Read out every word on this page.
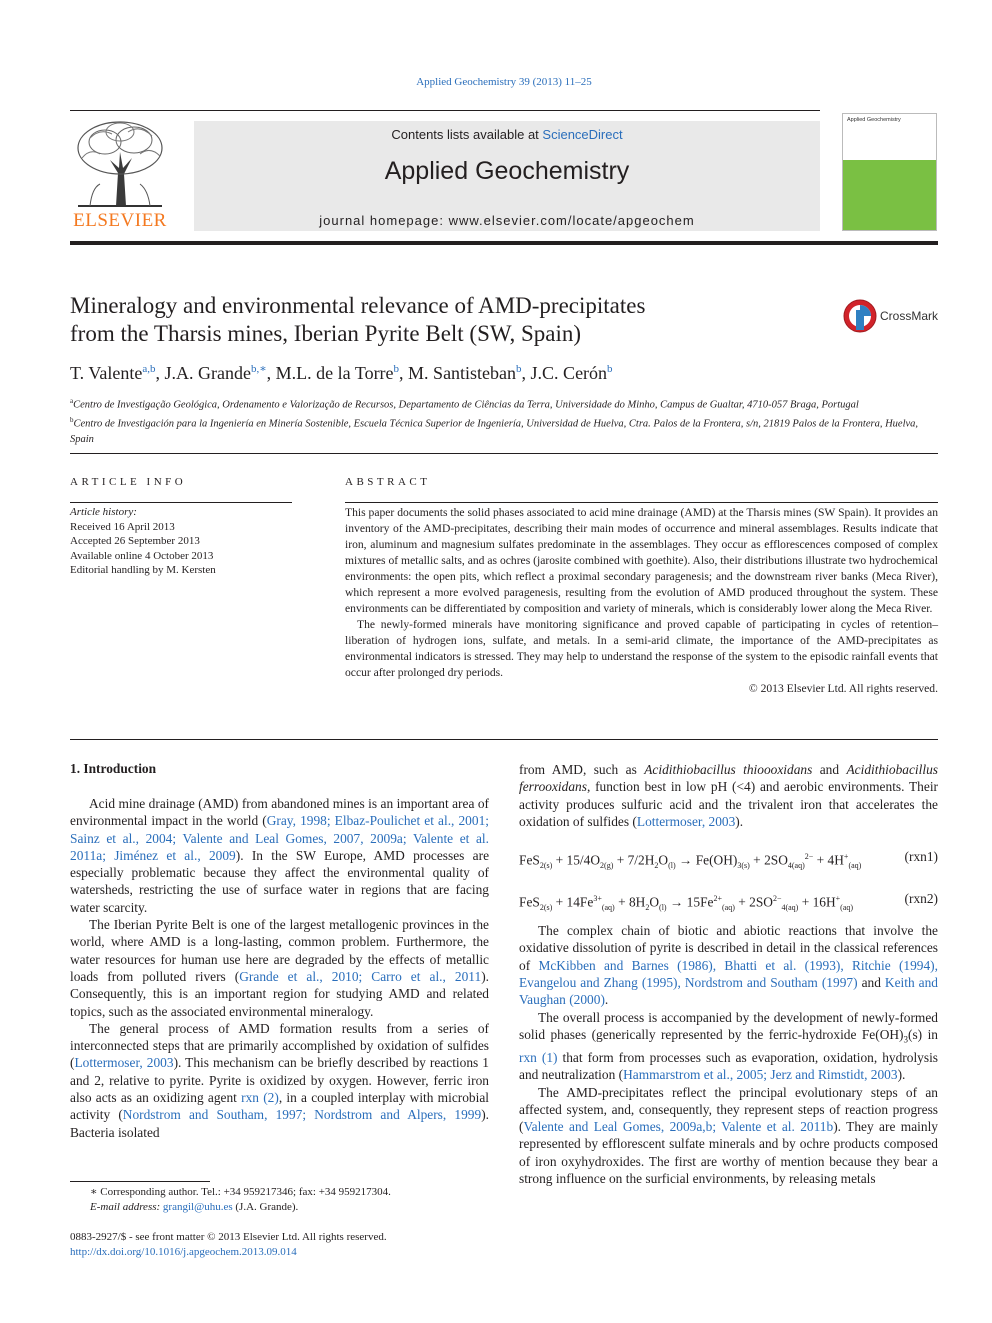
Applied Geochemistry 39 (2013) 11–25
ELSEVIER
Contents lists available at ScienceDirect
Applied Geochemistry
journal homepage: www.elsevier.com/locate/apgeochem
Applied Geochemistry
Mineralogy and environmental relevance of AMD-precipitates
from the Tharsis mines, Iberian Pyrite Belt (SW, Spain)
CrossMark
T. Valente$^{a,b}$, J.A. Grande$^{b,∗}$, M.L. de la Torre$^b$, M. Santisteban$^b$, J.C. Cerón$^b$
$^a$Centro de Investigação Geológica, Ordenamento e Valorização de Recursos, Departamento de Ciências da Terra, Universidade do Minho, Campus de Gualtar, 4710-057 Braga, Portugal
$^b$Centro de Investigación para la Ingeniería en Minería Sostenible, Escuela Técnica Superior de Ingeniería, Universidad de Huelva, Ctra. Palos de la Frontera, s/n, 21819 Palos de la Frontera, Huelva, Spain
ARTICLE INFO
Article history:
Received 16 April 2013
Accepted 26 September 2013
Available online 4 October 2013
Editorial handling by M. Kersten
ABSTRACT

This paper documents the solid phases associated to acid mine drainage (AMD) at the Tharsis mines (SW Spain). It provides an inventory of the AMD-precipitates, describing their main modes of occurrence and mineral assemblages. Results indicate that iron, aluminum and magnesium sulfates predominate in the assemblages. They occur as efflorescences composed of complex mixtures of metallic salts, and as ochres (jarosite combined with goethite). Also, their distributions illustrate two hydrochemical environments: the open pits, which reflect a proximal secondary paragenesis; and the downstream river banks (Meca River), which represent a more evolved paragenesis, resulting from the evolution of AMD produced throughout the system. These environments can be differentiated by composition and variety of minerals, which is considerably lower along the Meca River.

The newly-formed minerals have monitoring significance and proved capable of participating in cycles of retention–liberation of hydrogen ions, sulfate, and metals. In a semi-arid climate, the importance of the AMD-precipitates as environmental indicators is stressed. They may help to understand the response of the system to the episodic rainfall events that occur after prolonged dry periods.

© 2013 Elsevier Ltd. All rights reserved.

1. Introduction

Acid mine drainage (AMD) from abandoned mines is an important area of environmental impact in the world (Gray, 1998; Elbaz-Poulichet et al., 2001; Sainz et al., 2004; Valente and Leal Gomes, 2007, 2009a; Valente et al. 2011a; Jiménez et al., 2009). In the SW Europe, AMD processes are especially problematic because they affect the environmental quality of watersheds, restricting the use of surface water in regions that are facing water scarcity.

The Iberian Pyrite Belt is one of the largest metallogenic provinces in the world, where AMD is a long-lasting, common problem. Furthermore, the water resources for human use here are degraded by the effects of metallic loads from polluted rivers (Grande et al., 2010; Carro et al., 2011). Consequently, this is an important region for studying AMD and related topics, such as the associated environmental mineralogy.

The general process of AMD formation results from a series of interconnected steps that are primarily accomplished by oxidation of sulfides (Lottermoser, 2003). This mechanism can be briefly described by reactions 1 and 2, relative to pyrite. Pyrite is oxidized by oxygen. However, ferric iron also acts as an oxidizing agent rxn (2), in a coupled interplay with microbial activity (Nordstrom and Southam, 1997; Nordstrom and Alpers, 1999). Bacteria isolated

from AMD, such as Acidithiobacillus thioooxidans and Acidithiobacillus ferrooxidans, function best in low pH (<4) and aerobic environments. Their activity produces sulfuric acid and the trivalent iron that accelerates the oxidation of sulfides (Lottermoser, 2003).

$FeS_{2(s)} + 15/4O_{2(g)} + 7/2H_2O_{(l)} \to Fe(OH)_{3(s)} + 2SO_{4(aq)}^{2-} + 4H^+_{(aq)}$
(rxn1)
$FeS_{2(s)} + 14Fe^{3+}_{(aq)} + 8H_2O_{(l)} \to 15Fe^{2+}_{(aq)} + 2SO^{2-}_{4(aq)} + 16H^+_{(aq)}$
(rxn2)

The complex chain of biotic and abiotic reactions that involve the oxidative dissolution of pyrite is described in detail in the classical references of McKibben and Barnes (1986), Bhatti et al. (1993), Ritchie (1994), Evangelou and Zhang (1995), Nordstrom and Southam (1997) and Keith and Vaughan (2000).

The overall process is accompanied by the development of newly-formed solid phases (generically represented by the ferric-hydroxide $Fe(OH)_3(s)$ in rxn (1) that form from processes such as evaporation, oxidation, hydrolysis and neutralization (Hammarstrom et al., 2005; Jerz and Rimstidt, 2003).

The AMD-precipitates reflect the principal evolutionary steps of an affected system, and, consequently, they represent steps of reaction progress (Valente and Leal Gomes, 2009a,b; Valente et al. 2011b). They are mainly represented by efflorescent sulfate minerals and by ochre products composed of iron oxyhydroxides. The first are worthy of mention because they bear a strong influence on the surficial environments, by releasing metals

∗ Corresponding author. Tel.: +34 959217346; fax: +34 959217304.
E-mail address: grangil@uhu.es (J.A. Grande).
0883-2927/$ - see front matter © 2013 Elsevier Ltd. All rights reserved.
http://dx.doi.org/10.1016/j.apgeochem.2013.09.014
